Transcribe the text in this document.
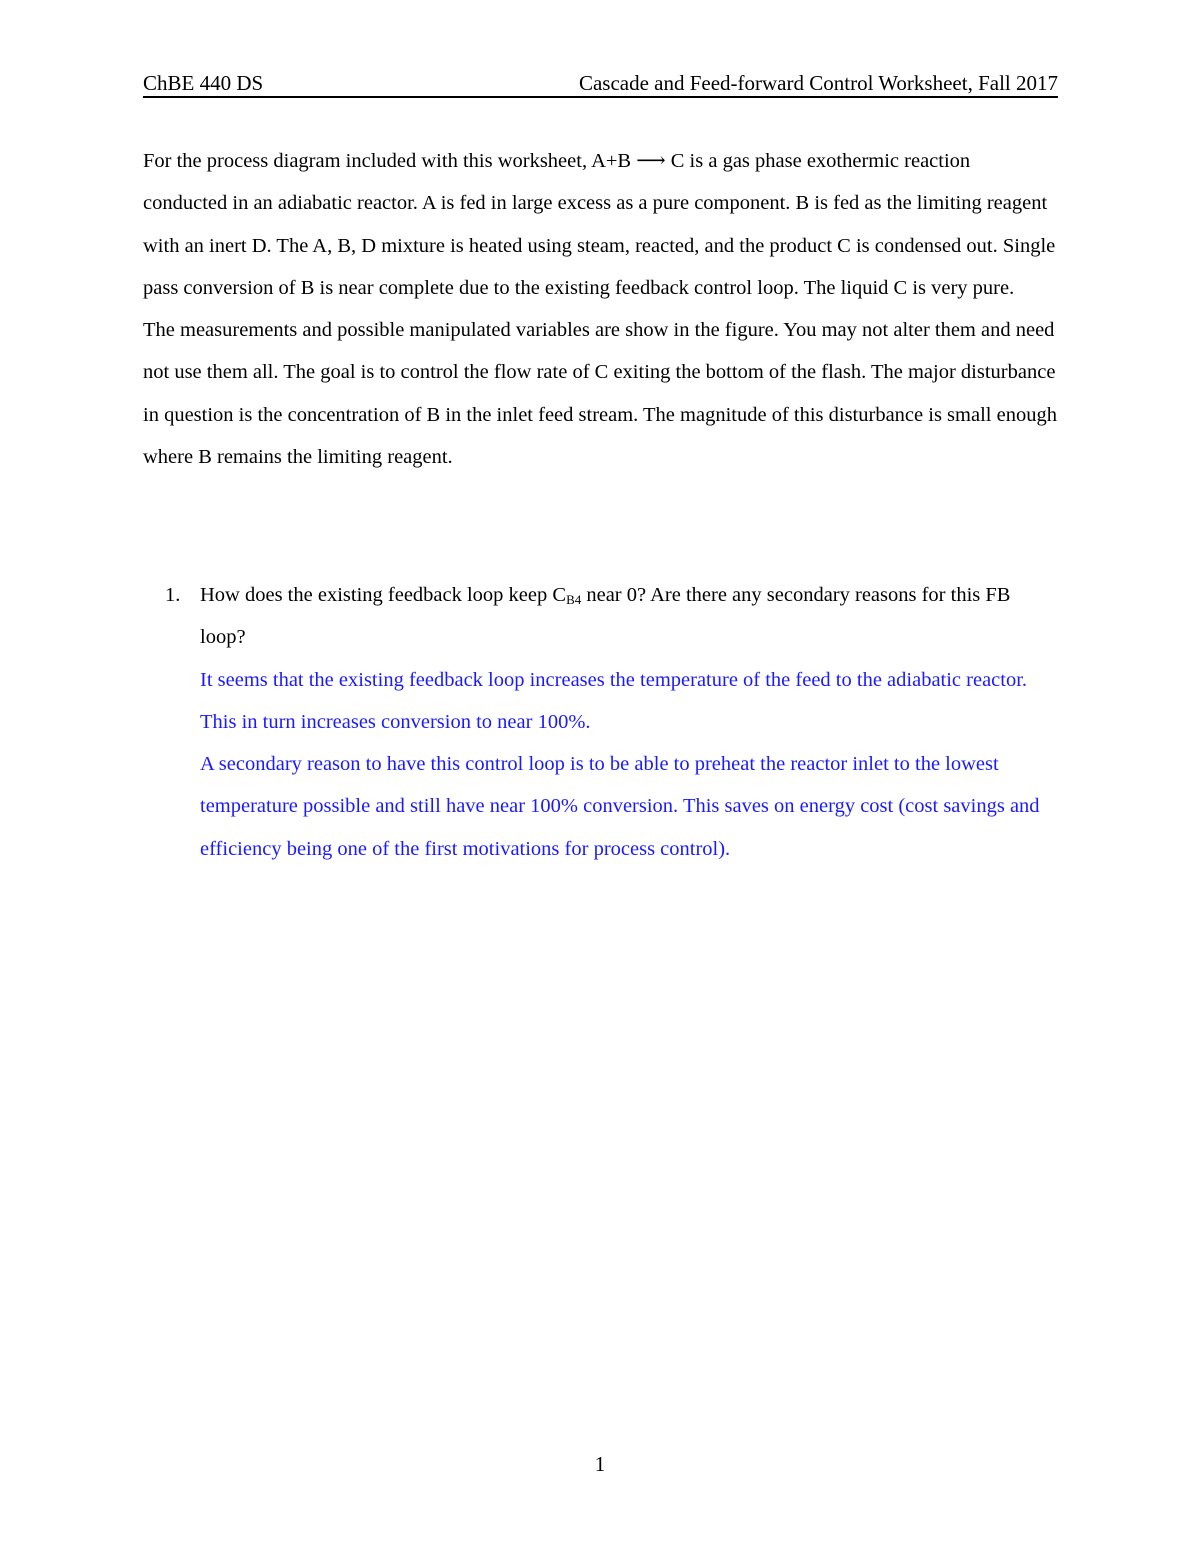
ChBE 440 DS	Cascade and Feed-forward Control Worksheet, Fall 2017

For the process diagram included with this worksheet, A+B ⟶ C is a gas phase exothermic reaction conducted in an adiabatic reactor. A is fed in large excess as a pure component. B is fed as the limiting reagent with an inert D. The A, B, D mixture is heated using steam, reacted, and the product C is condensed out. Single pass conversion of B is near complete due to the existing feedback control loop. The liquid C is very pure.

The measurements and possible manipulated variables are show in the figure. You may not alter them and need not use them all. The goal is to control the flow rate of C exiting the bottom of the flash. The major disturbance in question is the concentration of B in the inlet feed stream. The magnitude of this disturbance is small enough where B remains the limiting reagent.

1. How does the existing feedback loop keep $C_{B4}$ near 0? Are there any secondary reasons for this FB loop?

It seems that the existing feedback loop increases the temperature of the feed to the adiabatic reactor. This in turn increases conversion to near 100%.

A secondary reason to have this control loop is to be able to preheat the reactor inlet to the lowest temperature possible and still have near 100% conversion. This saves on energy cost (cost savings and efficiency being one of the first motivations for process control).

1
